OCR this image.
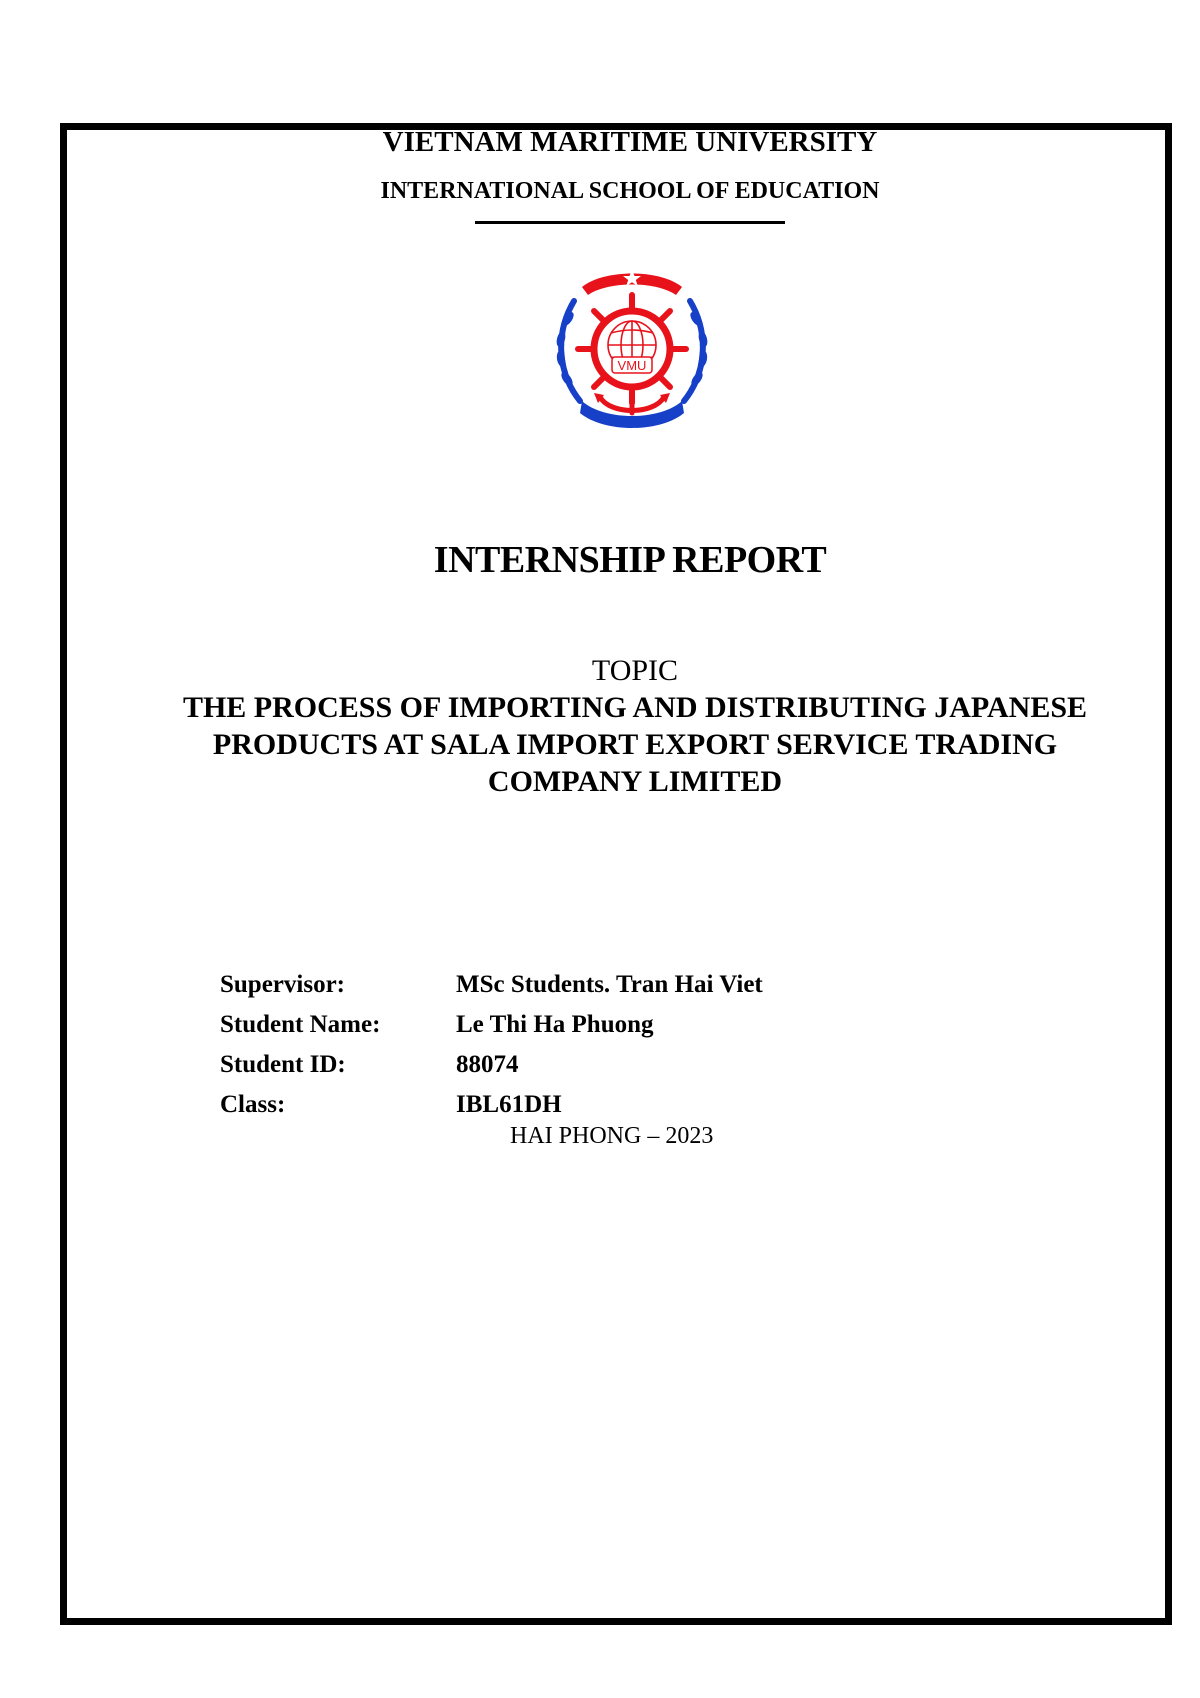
VIETNAM MARITIME UNIVERSITY
INTERNATIONAL SCHOOL OF EDUCATION
VMU
INTERNSHIP REPORT
TOPIC
THE PROCESS OF IMPORTING AND DISTRIBUTING JAPANESE
PRODUCTS AT SALA IMPORT EXPORT SERVICE TRADING
COMPANY LIMITED
Supervisor:	MSc Students. Tran Hai Viet
Student Name:	Le Thi Ha Phuong
Student ID:	88074
Class:	IBL61DH
HAI PHONG – 2023
